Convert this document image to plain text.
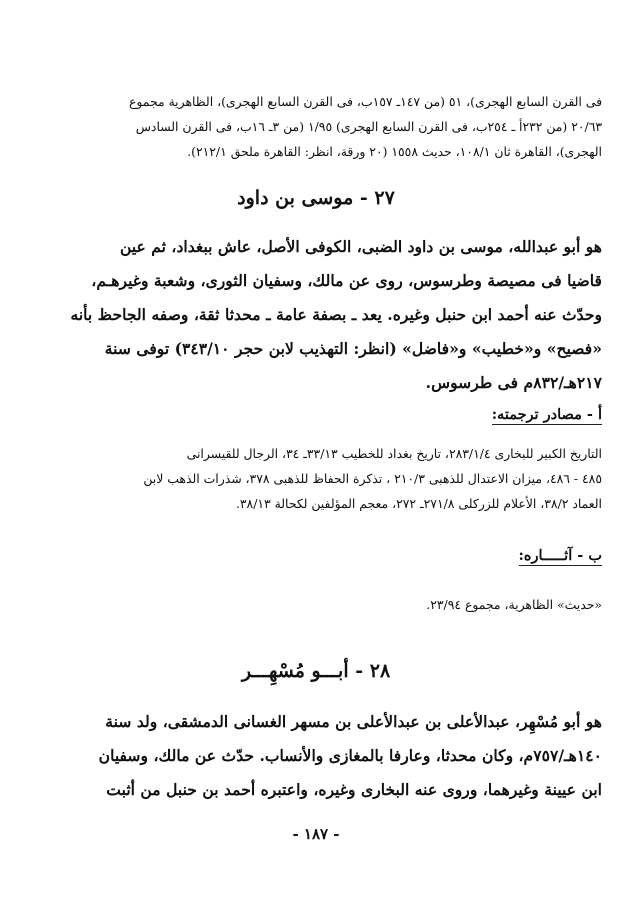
فى القرن السابع الهجرى)، ٥١ (من ١٤٧ـ ١٥٧ب، فى القرن السابع الهجرى)، الظاهرية مجموع
٢٠/٦٣ (من ٢٣٢أ ـ ٢٥٤ب، فى القرن السابع الهجرى) ١/٩٥ (من ٣ـ ١٦ب، فى القرن السادس
الهجرى)، القاهرة ثان ١٠٨/١، حديث ١٥٥٨ (٢٠ ورقة، انظر: القاهرة ملحق ٢١٢/١).
٢٧ - موسى بن داود
هو أبو عبدالله، موسى بن داود الضبى، الكوفى الأصل، عاش ببغداد، ثم عين
قاضيا فى مصيصة وطرسوس، روى عن مالك، وسفيان الثورى، وشعبة وغيرهـم،
وحدّث عنه أحمد ابن حنبل وغيره. يعد ـ بصفة عامة ـ محدثا ثقة، وصفه الجاحظ بأنه
«فصيح» و«خطيب» و«فاضل» (انظر: التهذيب لابن حجر ٣٤٣/١٠) توفى سنة
٢١٧هـ/٨٣٢م فى طرسوس.
أ - مصادر ترجمته:
التاريخ الكبير للبخارى ٢٨٣/١/٤، تاريخ بغداد للخطيب ٣٣/١٣ـ ٣٤، الرجال للقيسرانى
٤٨٥ - ٤٨٦، ميزان الاعتدال للذهبى ٢١٠/٣ ، تذكرة الحفاظ للذهبى ٣٧٨، شذرات الذهب لابن
العماد ٣٨/٢، الأعلام للزركلى ٢٧١/٨ـ ٢٧٢، معجم المؤلفين لكحالة ٣٨/١٣.
ب - آثـــــاره:
«حديث» الظاهرية، مجموع ٢٣/٩٤.
٢٨ - أبـــو مُسْهِـــر
هو أبو مُسْهِر، عبدالأعلى بن عبدالأعلى بن مسهر الغسانى الدمشقى، ولد سنة
١٤٠هـ/٧٥٧م، وكان محدثا، وعارفا بالمغازى والأنساب. حدّث عن مالك، وسفيان
ابن عيينة وغيرهما، وروى عنه البخارى وغيره، واعتبره أحمد بن حنبل من أثبت
- ١٨٧ -
